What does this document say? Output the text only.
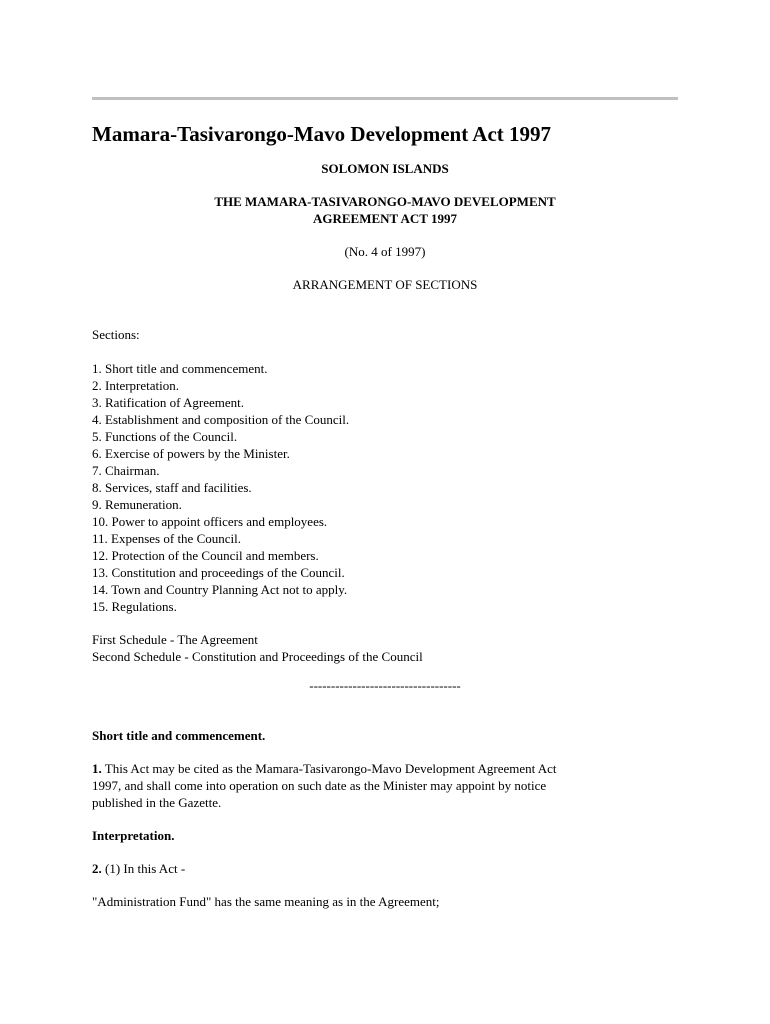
Mamara-Tasivarongo-Mavo Development Act 1997
SOLOMON ISLANDS
THE MAMARA-TASIVARONGO-MAVO DEVELOPMENT
AGREEMENT ACT 1997
(No. 4 of 1997)
ARRANGEMENT OF SECTIONS
Sections:
1. Short title and commencement.
2. Interpretation.
3. Ratification of Agreement.
4. Establishment and composition of the Council.
5. Functions of the Council.
6. Exercise of powers by the Minister.
7. Chairman.
8. Services, staff and facilities.
9. Remuneration.
10. Power to appoint officers and employees.
11. Expenses of the Council.
12. Protection of the Council and members.
13. Constitution and proceedings of the Council.
14. Town and Country Planning Act not to apply.
15. Regulations.
First Schedule - The Agreement
Second Schedule - Constitution and Proceedings of the Council
-----------------------------------
Short title and commencement.
1. This Act may be cited as the Mamara-Tasivarongo-Mavo Development Agreement Act
1997, and shall come into operation on such date as the Minister may appoint by notice
published in the Gazette.
Interpretation.
2. (1) In this Act -
"Administration Fund" has the same meaning as in the Agreement;
